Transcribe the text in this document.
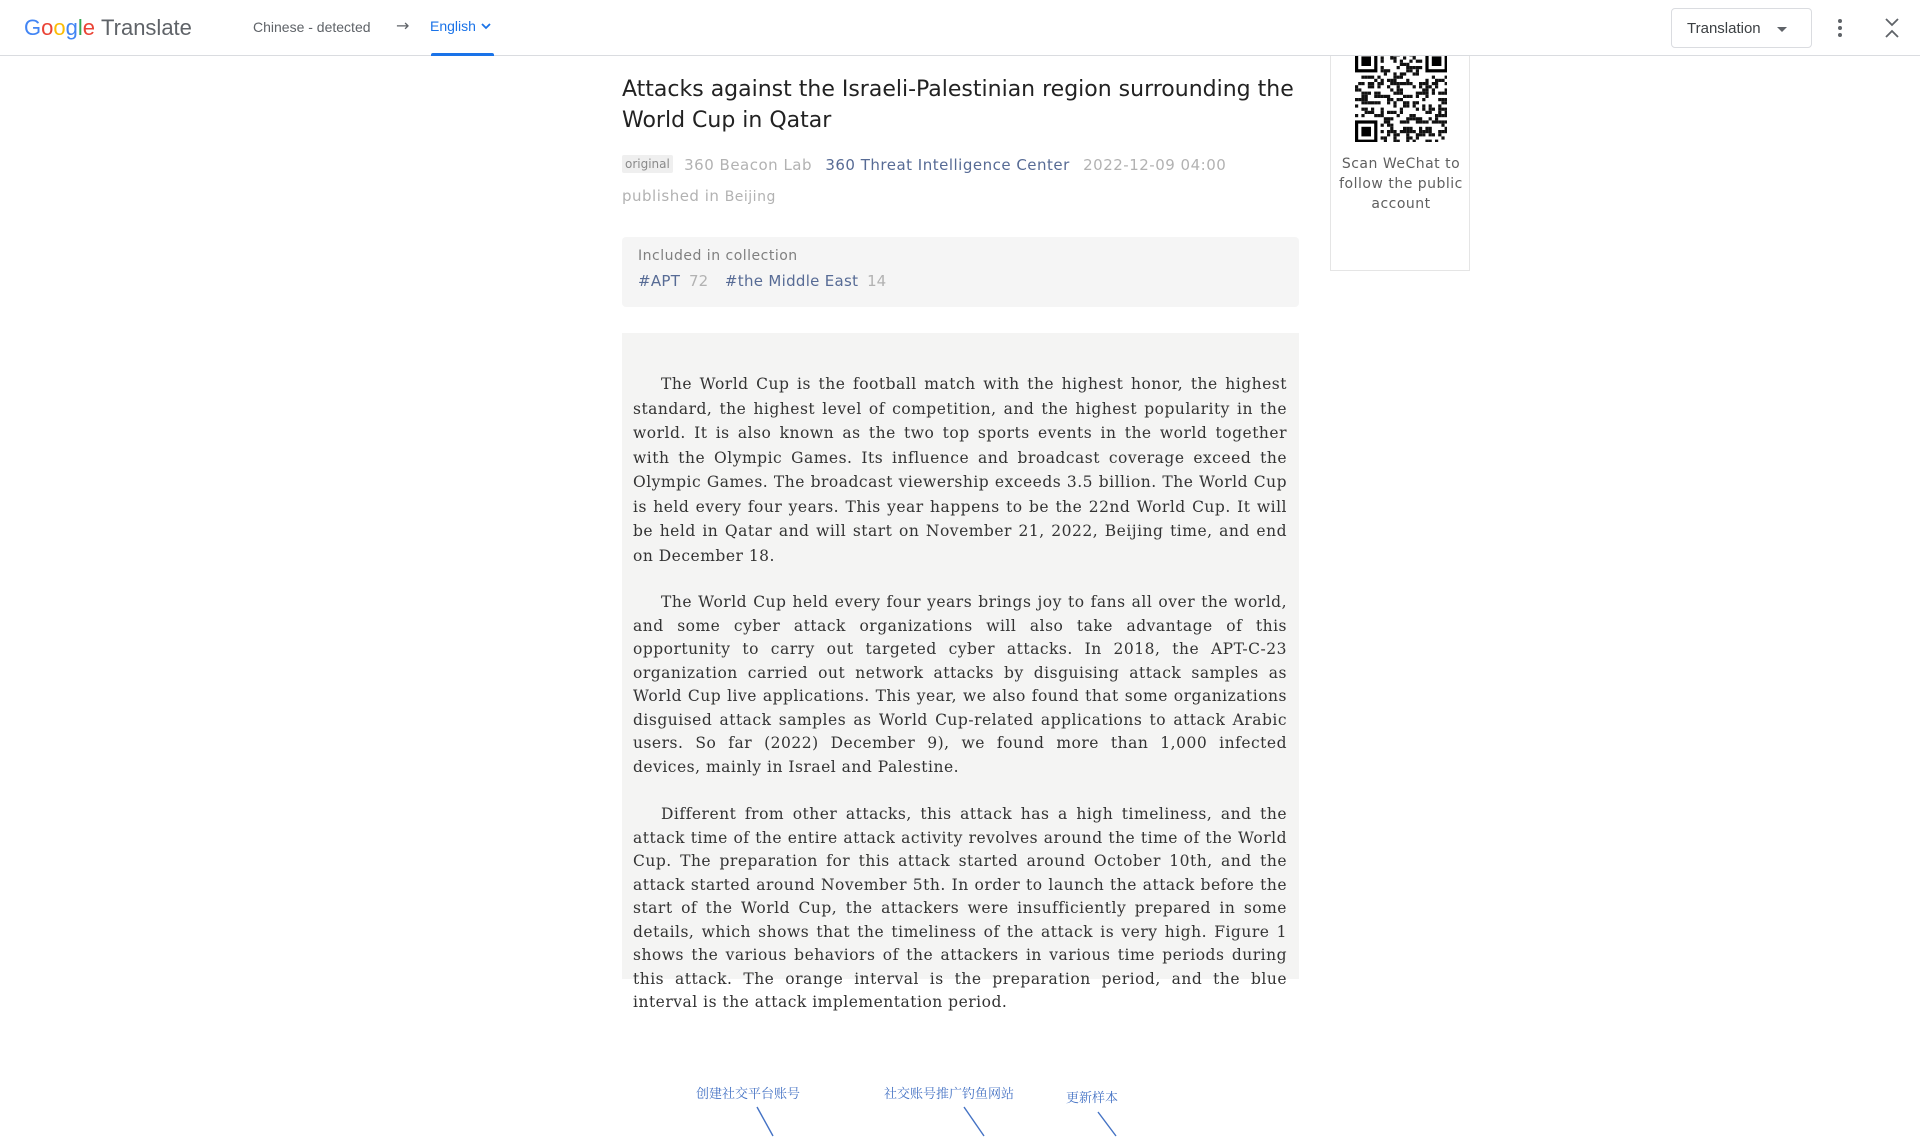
Google Translate	Chinese - detected → English	Translation
Attacks against the Israeli-Palestinian region surrounding the World Cup in Qatar
original 360 Beacon Lab 360 Threat Intelligence Center 2022-12-09 04:00
published in Beijing
Included in collection
#APT 72 #the Middle East 14

The World Cup is the football match with the highest honor, the highest standard, the highest level of competition, and the highest popularity in the world. It is also known as the two top sports events in the world together with the Olympic Games. Its influence and broadcast coverage exceed the Olympic Games. The broadcast viewership exceeds 3.5 billion. The World Cup is held every four years. This year happens to be the 22nd World Cup. It will be held in Qatar and will start on November 21, 2022, Beijing time, and end on December 18.

The World Cup held every four years brings joy to fans all over the world, and some cyber attack organizations will also take advantage of this opportunity to carry out targeted cyber attacks. In 2018, the APT-C-23 organization carried out network attacks by disguising attack samples as World Cup live applications. This year, we also found that some organizations disguised attack samples as World Cup-related applications to attack Arabic users. So far (2022) December 9), we found more than 1,000 infected devices, mainly in Israel and Palestine.

Different from other attacks, this attack has a high timeliness, and the attack time of the entire attack activity revolves around the time of the World Cup. The preparation for this attack started around October 10th, and the attack started around November 5th. In order to launch the attack before the start of the World Cup, the attackers were insufficiently prepared in some details, which shows that the timeliness of the attack is very high. Figure 1 shows the various behaviors of the attackers in various time periods during this attack. The orange interval is the preparation period, and the blue interval is the attack implementation period.

创建社交平台账号	社交账号推广钓鱼网站	更新样本
Scan WeChat to follow the public account
